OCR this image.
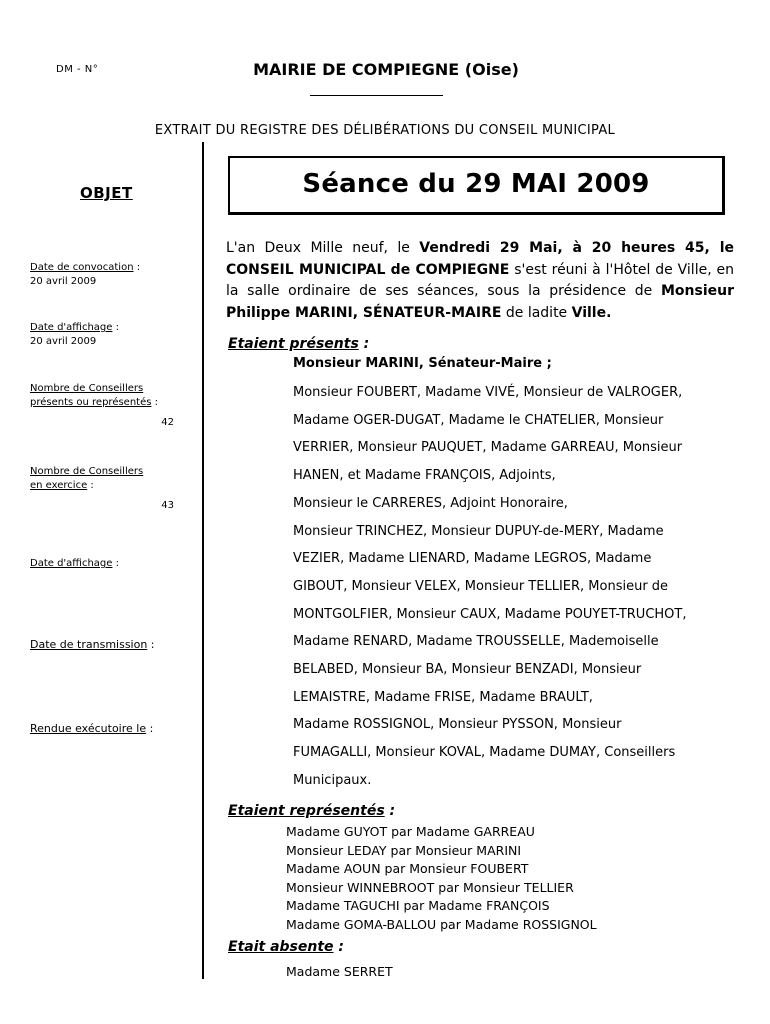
DM - N°	MAIRIE DE COMPIEGNE (Oise)
EXTRAIT DU REGISTRE DES DÉLIBÉRATIONS DU CONSEIL MUNICIPAL
OBJET	Séance du 29 MAI 2009
Date de convocation :
20 avril 2009
Date d'affichage :
20 avril 2009
Nombre de Conseillers
présents ou représentés :
42
Nombre de Conseillers
en exercice :
43
Date d'affichage :
Date de transmission :
Rendue exécutoire le :
L'an Deux Mille neuf, le Vendredi 29 Mai, à 20 heures 45, le CONSEIL MUNICIPAL de COMPIEGNE s'est réuni à l'Hôtel de Ville, en la salle ordinaire de ses séances, sous la présidence de Monsieur Philippe MARINI, SÉNATEUR-MAIRE de ladite Ville.
Etaient présents :
Monsieur MARINI, Sénateur-Maire ;
Monsieur FOUBERT, Madame VIVÉ, Monsieur de VALROGER,
Madame OGER-DUGAT, Madame le CHATELIER, Monsieur
VERRIER, Monsieur PAUQUET, Madame GARREAU, Monsieur
HANEN, et Madame FRANÇOIS, Adjoints,
Monsieur le CARRERES, Adjoint Honoraire,
Monsieur TRINCHEZ, Monsieur DUPUY-de-MERY, Madame
VEZIER, Madame LIENARD, Madame LEGROS, Madame
GIBOUT, Monsieur VELEX, Monsieur TELLIER, Monsieur de
MONTGOLFIER, Monsieur CAUX, Madame POUYET-TRUCHOT,
Madame RENARD, Madame TROUSSELLE, Mademoiselle
BELABED, Monsieur BA, Monsieur BENZADI, Monsieur
LEMAISTRE, Madame FRISE, Madame BRAULT,
Madame ROSSIGNOL, Monsieur PYSSON, Monsieur
FUMAGALLI, Monsieur KOVAL, Madame DUMAY, Conseillers
Municipaux.
Etaient représentés :
Madame GUYOT par Madame GARREAU
Monsieur LEDAY par Monsieur MARINI
Madame AOUN par Monsieur FOUBERT
Monsieur WINNEBROOT par Monsieur TELLIER
Madame TAGUCHI par Madame FRANÇOIS
Madame GOMA-BALLOU par Madame ROSSIGNOL
Etait absente :
Madame SERRET
